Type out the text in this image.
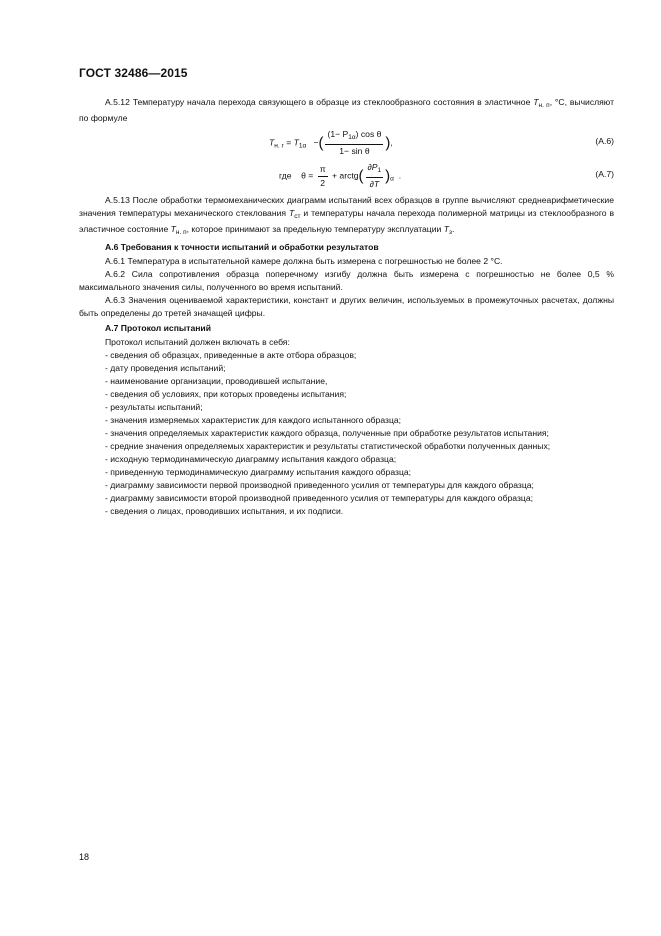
ГОСТ 32486—2015

А.5.12 Температуру начала перехода связующего в образце из стеклообразного состояния в эластичное $T_{н. п}$, °С, вычисляют по формуле

$T_{н. г} = T_{1\alpha}$ −( $\frac{(1- P_{1\alpha}) \cos \theta}{\text{1− sin θ}}$ ),	(А.6)
где $\theta = \frac{\pi}{2}$ + arctg( $\frac{\partial P_1}{\partial T} )_\alpha$ .	(А.7)

А.5.13 После обработки термомеханических диаграмм испытаний всех образцов в группе вычисляют среднеарифметические значения температуры механического стеклования $T_{ст}$ и температуры начала перехода полимерной матрицы из стеклообразного в эластичное состояние $T_{н. п}$, которое принимают за предельную температуру эксплуатации $T_з$.

А.6 Требования к точности испытаний и обработки результатов

А.6.1 Температура в испытательной камере должна быть измерена с погрешностью не более 2 °С.

А.6.2 Сила сопротивления образца поперечному изгибу должна быть измерена с погрешностью не более 0,5 % максимального значения силы, полученного во время испытаний.

А.6.3 Значения оцениваемой характеристики, констант и других величин, используемых в промежуточных расчетах, должны быть определены до третей значащей цифры.

А.7 Протокол испытаний

Протокол испытаний должен включать в себя:

- сведения об образцах, приведенные в акте отбора образцов;

- дату проведения испытаний;

- наименование организации, проводившей испытание,

- сведения об условиях, при которых проведены испытания;

- результаты испытаний;

- значения измеряемых характеристик для каждого испытанного образца;

- значения определяемых характеристик каждого образца, полученные при обработке результатов испытания;

- средние значения определяемых характеристик и результаты статистической обработки полученных данных;

- исходную термодинамическую диаграмму испытания каждого образца;

- приведенную термодинамическую диаграмму испытания каждого образца;

- диаграмму зависимости первой производной приведенного усилия от температуры для каждого образца;

- диаграмму зависимости второй производной приведенного усилия от температуры для каждого образца;

- сведения о лицах, проводивших испытания, и их подписи.

18
